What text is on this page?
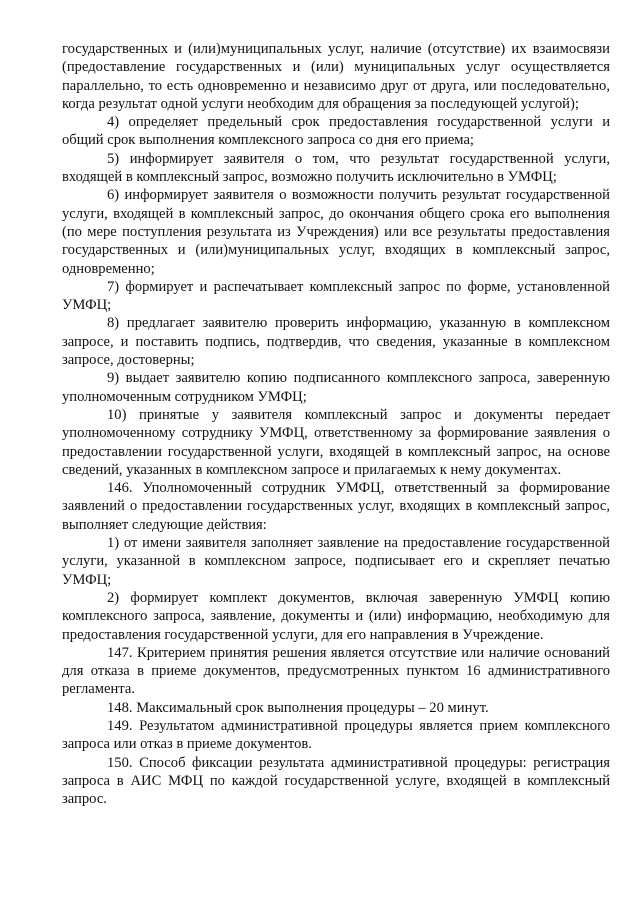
государственных и (или)муниципальных услуг, наличие (отсутствие) их взаимосвязи (предоставление государственных и (или) муниципальных услуг осуществляется параллельно, то есть одновременно и независимо друг от друга, или последовательно, когда результат одной услуги необходим для обращения за последующей услугой);

4) определяет предельный срок предоставления государственной услуги и общий срок выполнения комплексного запроса со дня его приема;

5) информирует заявителя о том, что результат государственной услуги, входящей в комплексный запрос, возможно получить исключительно в УМФЦ;

6) информирует заявителя о возможности получить результат государственной услуги, входящей в комплексный запрос, до окончания общего срока его выполнения (по мере поступления результата из Учреждения) или все результаты предоставления государственных и (или)муниципальных услуг, входящих в комплексный запрос, одновременно;

7) формирует и распечатывает комплексный запрос по форме, установленной УМФЦ;

8) предлагает заявителю проверить информацию, указанную в комплексном запросе, и поставить подпись, подтвердив, что сведения, указанные в комплексном запросе, достоверны;

9) выдает заявителю копию подписанного комплексного запроса, заверенную уполномоченным сотрудником УМФЦ;

10) принятые у заявителя комплексный запрос и документы передает уполномоченному сотруднику УМФЦ, ответственному за формирование заявления о предоставлении государственной услуги, входящей в комплексный запрос, на основе сведений, указанных в комплексном запросе и прилагаемых к нему документах.

146. Уполномоченный сотрудник УМФЦ, ответственный за формирование заявлений о предоставлении государственных услуг, входящих в комплексный запрос, выполняет следующие действия:

1) от имени заявителя заполняет заявление на предоставление государственной услуги, указанной в комплексном запросе, подписывает его и скрепляет печатью УМФЦ;

2) формирует комплект документов, включая заверенную УМФЦ копию комплексного запроса, заявление, документы и (или) информацию, необходимую для предоставления государственной услуги, для его направления в Учреждение.

147. Критерием принятия решения является отсутствие или наличие оснований для отказа в приеме документов, предусмотренных пунктом 16 административного регламента.

148. Максимальный срок выполнения процедуры – 20 минут.

149. Результатом административной процедуры является прием комплексного запроса или отказ в приеме документов.

150. Способ фиксации результата административной процедуры: регистрация запроса в АИС МФЦ по каждой государственной услуге, входящей в комплексный запрос.
